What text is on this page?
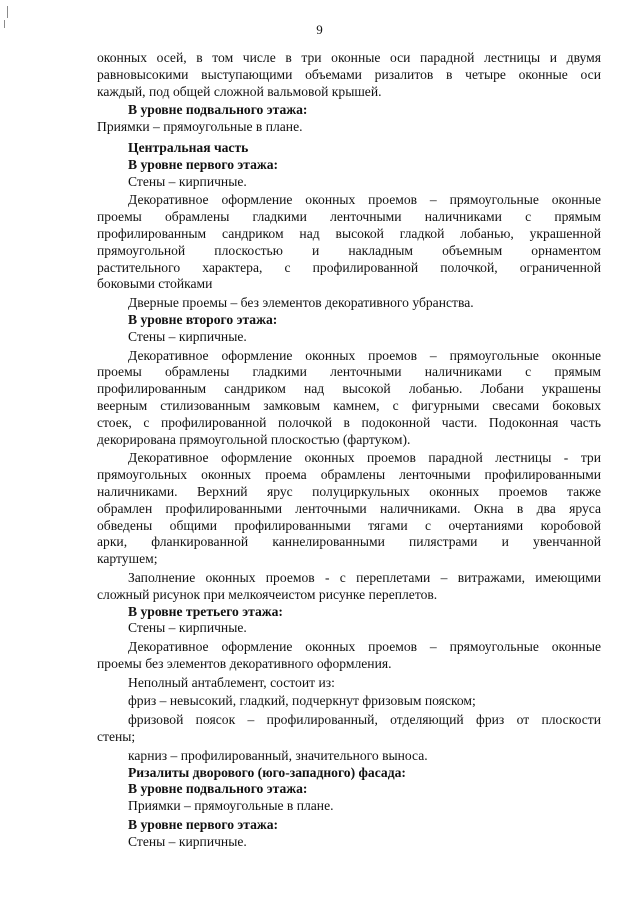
9
оконных осей, в том числе в три оконные оси парадной лестницы и двумя
равновысокими выступающими объемами ризалитов в четыре оконные оси
каждый, под общей сложной вальмовой крышей.
В уровне подвального этажа:
Приямки – прямоугольные в плане.
Центральная часть
В уровне первого этажа:
Стены – кирпичные.
Декоративное оформление оконных проемов – прямоугольные оконные
проемы обрамлены гладкими ленточными наличниками с прямым
профилированным сандриком над высокой гладкой лобанью, украшенной
прямоугольной плоскостью и накладным объемным орнаментом
растительного характера, с профилированной полочкой, ограниченной
боковыми стойками
Дверные проемы – без элементов декоративного убранства.
В уровне второго этажа:
Стены – кирпичные.
Декоративное оформление оконных проемов – прямоугольные оконные
проемы обрамлены гладкими ленточными наличниками с прямым
профилированным сандриком над высокой лобанью. Лобани украшены
веерным стилизованным замковым камнем, с фигурными свесами боковых
стоек, с профилированной полочкой в подоконной части. Подоконная часть
декорирована прямоугольной плоскостью (фартуком).
Декоративное оформление оконных проемов парадной лестницы - три
прямоугольных оконных проема обрамлены ленточными профилированными
наличниками. Верхний ярус полуциркульных оконных проемов также
обрамлен профилированными ленточными наличниками. Окна в два яруса
обведены общими профилированными тягами с очертаниями коробовой
арки, фланкированной каннелированными пилястрами и увенчанной
картушем;
Заполнение оконных проемов - с переплетами – витражами, имеющими
сложный рисунок при мелкоячеистом рисунке переплетов.
В уровне третьего этажа:
Стены – кирпичные.
Декоративное оформление оконных проемов – прямоугольные оконные
проемы без элементов декоративного оформления.
Неполный антаблемент, состоит из:
фриз – невысокий, гладкий, подчеркнут фризовым пояском;
фризовой поясок – профилированный, отделяющий фриз от плоскости
стены;
карниз – профилированный, значительного выноса.
Ризалиты дворового (юго-западного) фасада:
В уровне подвального этажа:
Приямки – прямоугольные в плане.
В уровне первого этажа:
Стены – кирпичные.
